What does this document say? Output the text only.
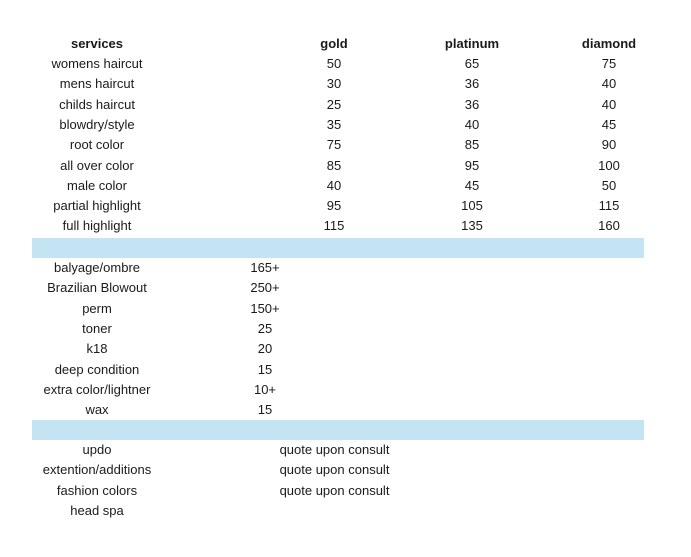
services	gold	platinum	diamond
womens haircut	50	65	75
mens haircut	30	36	40
childs haircut	25	36	40
blowdry/style	35	40	45
root color	75	85	90
all over color	85	95	100
male color	40	45	50
partial highlight	95	105	115
full highlight	115	135	160
balyage/ombre	165+
Brazilian Blowout	250+
perm	150+
toner	25
k18	20
deep condition	15
extra color/lightner	10+
wax	15
updo	quote upon consult
extention/additions	quote upon consult
fashion colors	quote upon consult
head spa
